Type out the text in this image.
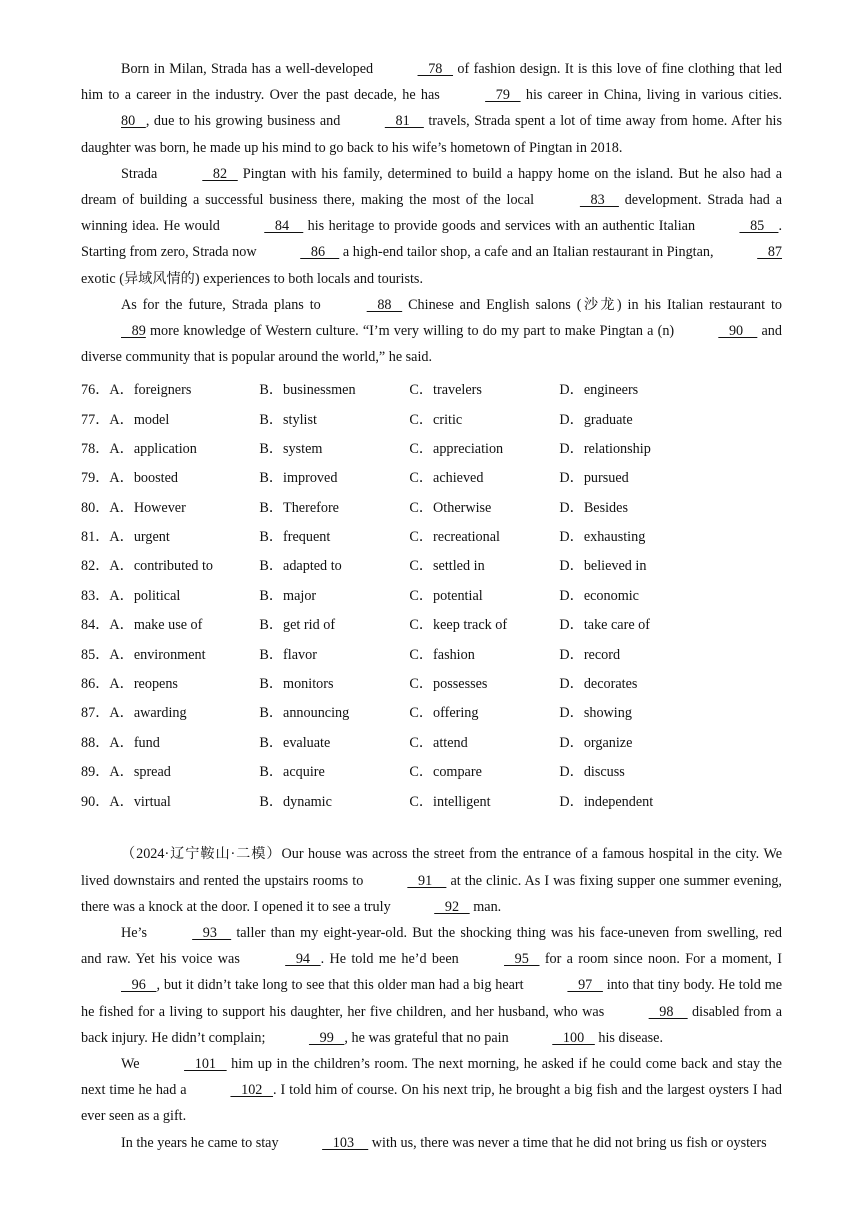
Born in Milan, Strada has a well-developed	78    of fashion design. It is this love of fine clothing that led him to a career in the industry. Over the past decade, he has	79    his career in China, living in various cities. 80   , due to his growing business and	81     travels, Strada spent a lot of time away from home. After his daughter was born, he made up his mind to go back to his wife’s hometown of Pingtan in 2018.

Strada	82    Pingtan with his family, determined to build a happy home on the island. But he also had a dream of building a successful business there, making the most of the local	83     development. Strada had a winning idea. He would	84     his heritage to provide goods and services with an authentic Italian	85    . Starting from zero, Strada now	86     a high-end tailor shop, a cafe and an Italian restaurant in Pingtan,	87 exotic (异域风情的) experiences to both locals and tourists.

As for the future, Strada plans to	88    Chinese and English salons (沙龙) in his Italian restaurant to    89 more knowledge of Western culture. “I’m very willing to do my part to make Pingtan a (n)	90     and diverse community that is popular around the world,” he said.

76． A．foreigners	B．businessmen	C．travelers	D．engineers
77． A．model	B．stylist	C．critic	D．graduate
78． A．application	B．system	C．appreciation	D．relationship
79． A．boosted	B．improved	C．achieved	D．pursued
80． A．However	B．Therefore	C．Otherwise	D．Besides
81． A．urgent	B．frequent	C．recreational	D．exhausting
82． A．contributed to	B．adapted to	C．settled in	D．believed in
83． A．political	B．major	C．potential	D．economic
84． A．make use of	B．get rid of	C．keep track of	D．take care of
85． A．environment	B．flavor	C．fashion	D．record
86． A．reopens	B．monitors	C．possesses	D．decorates
87． A．awarding	B．announcing	C．offering	D．showing
88． A．fund	B．evaluate	C．attend	D．organize
89． A．spread	B．acquire	C．compare	D．discuss
90． A．virtual	B．dynamic	C．intelligent	D．independent

（2024·辽宁鞍山·二模）Our house was across the street from the entrance of a famous hospital in the city. We lived downstairs and rented the upstairs rooms to	91     at the clinic. As I was fixing supper one summer evening, there was a knock at the door. I opened it to see a truly	92    man.

He’s	93     taller than my eight-year-old. But the shocking thing was his face-uneven from swelling, red and raw. Yet his voice was	94   . He told me he’d been	95    for a room since noon. For a moment, I    96   , but it didn’t take long to see that this older man had a big heart	97    into that tiny body. He told me he fished for a living to support his daughter, her five children, and her husband, who was	98     disabled from a back injury. He didn’t complain;	99   , he was grateful that no pain	100    his disease.

We	101    him up in the children’s room. The next morning, he asked if he could come back and stay the next time he had a	102   . I told him of course. On his next trip, he brought a big fish and the largest oysters I had ever seen as a gift.

In the years he came to stay	103     with us, there was never a time that he did not bring us fish or oysters
